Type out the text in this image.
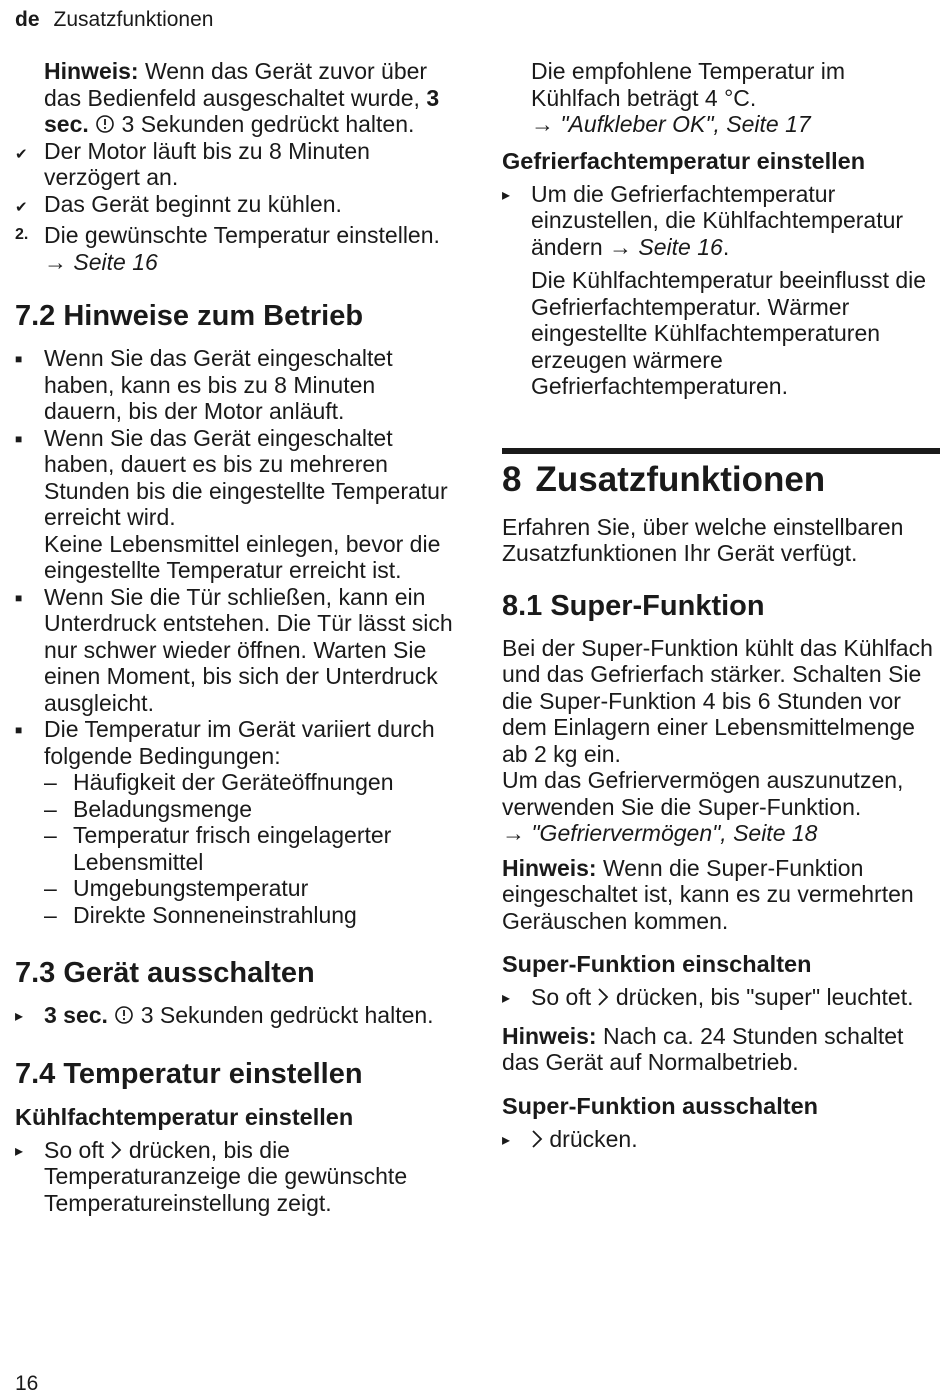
de Zusatzfunktionen

Hinweis: Wenn das Gerät zuvor über das Bedienfeld ausgeschaltet wurde, 3 sec.  3 Sekunden gedrückt halten.

✔
Der Motor läuft bis zu 8 Minuten verzögert an.
✔
Das Gerät beginnt zu kühlen.
2. Die gewünschte Temperatur einstellen. → Seite 16
7.2 Hinweise zum Betrieb
■
Wenn Sie das Gerät eingeschaltet haben, kann es bis zu 8 Minuten dauern, bis der Motor anläuft.
■
Wenn Sie das Gerät eingeschaltet haben, dauert es bis zu mehreren Stunden bis die eingestellte Temperatur erreicht wird.
Keine Lebensmittel einlegen, bevor die eingestellte Temperatur erreicht ist.
■
Wenn Sie die Tür schließen, kann ein Unterdruck entstehen. Die Tür lässt sich nur schwer wieder öffnen. Warten Sie einen Moment, bis sich der Unterdruck ausgleicht.
■
Die Temperatur im Gerät variiert durch folgende Bedingungen:
– Häufigkeit der Geräteöffnungen
– Beladungsmenge
– Temperatur frisch eingelagerter Lebensmittel
– Umgebungstemperatur
– Direkte Sonneneinstrahlung
7.3 Gerät ausschalten
▸
3 sec.  3 Sekunden gedrückt halten.
7.4 Temperatur einstellen
Kühlfachtemperatur einstellen
▸
So oft  drücken, bis die Temperaturanzeige die gewünschte Temperatureinstellung zeigt.

Die empfohlene Temperatur im Kühlfach beträgt 4 °C.
→ "Aufkleber OK", Seite 17

Gefrierfachtemperatur einstellen
▸
Um die Gefrierfachtemperatur einzustellen, die Kühlfachtemperatur ändern → Seite 16.

Die Kühlfachtemperatur beeinflusst die Gefrierfachtemperatur. Wärmer eingestellte Kühlfachtemperaturen erzeugen wärmere Gefrierfachtemperaturen.

8 Zusatzfunktionen

Erfahren Sie, über welche einstellbaren Zusatzfunktionen Ihr Gerät verfügt.

8.1 Super-Funktion

Bei der Super-Funktion kühlt das Kühlfach und das Gefrierfach stärker. Schalten Sie die Super-Funktion 4 bis 6 Stunden vor dem Einlagern einer Lebensmittelmenge ab 2 kg ein.

Um das Gefriervermögen auszunutzen, verwenden Sie die Super-Funktion.

→ "Gefriervermögen", Seite 18

Hinweis: Wenn die Super-Funktion eingeschaltet ist, kann es zu vermehrten Geräuschen kommen.

Super-Funktion einschalten
▸
So oft  drücken, bis "super" leuchtet.

Hinweis: Nach ca. 24 Stunden schaltet das Gerät auf Normalbetrieb.

Super-Funktion ausschalten
▸
drücken.
16
